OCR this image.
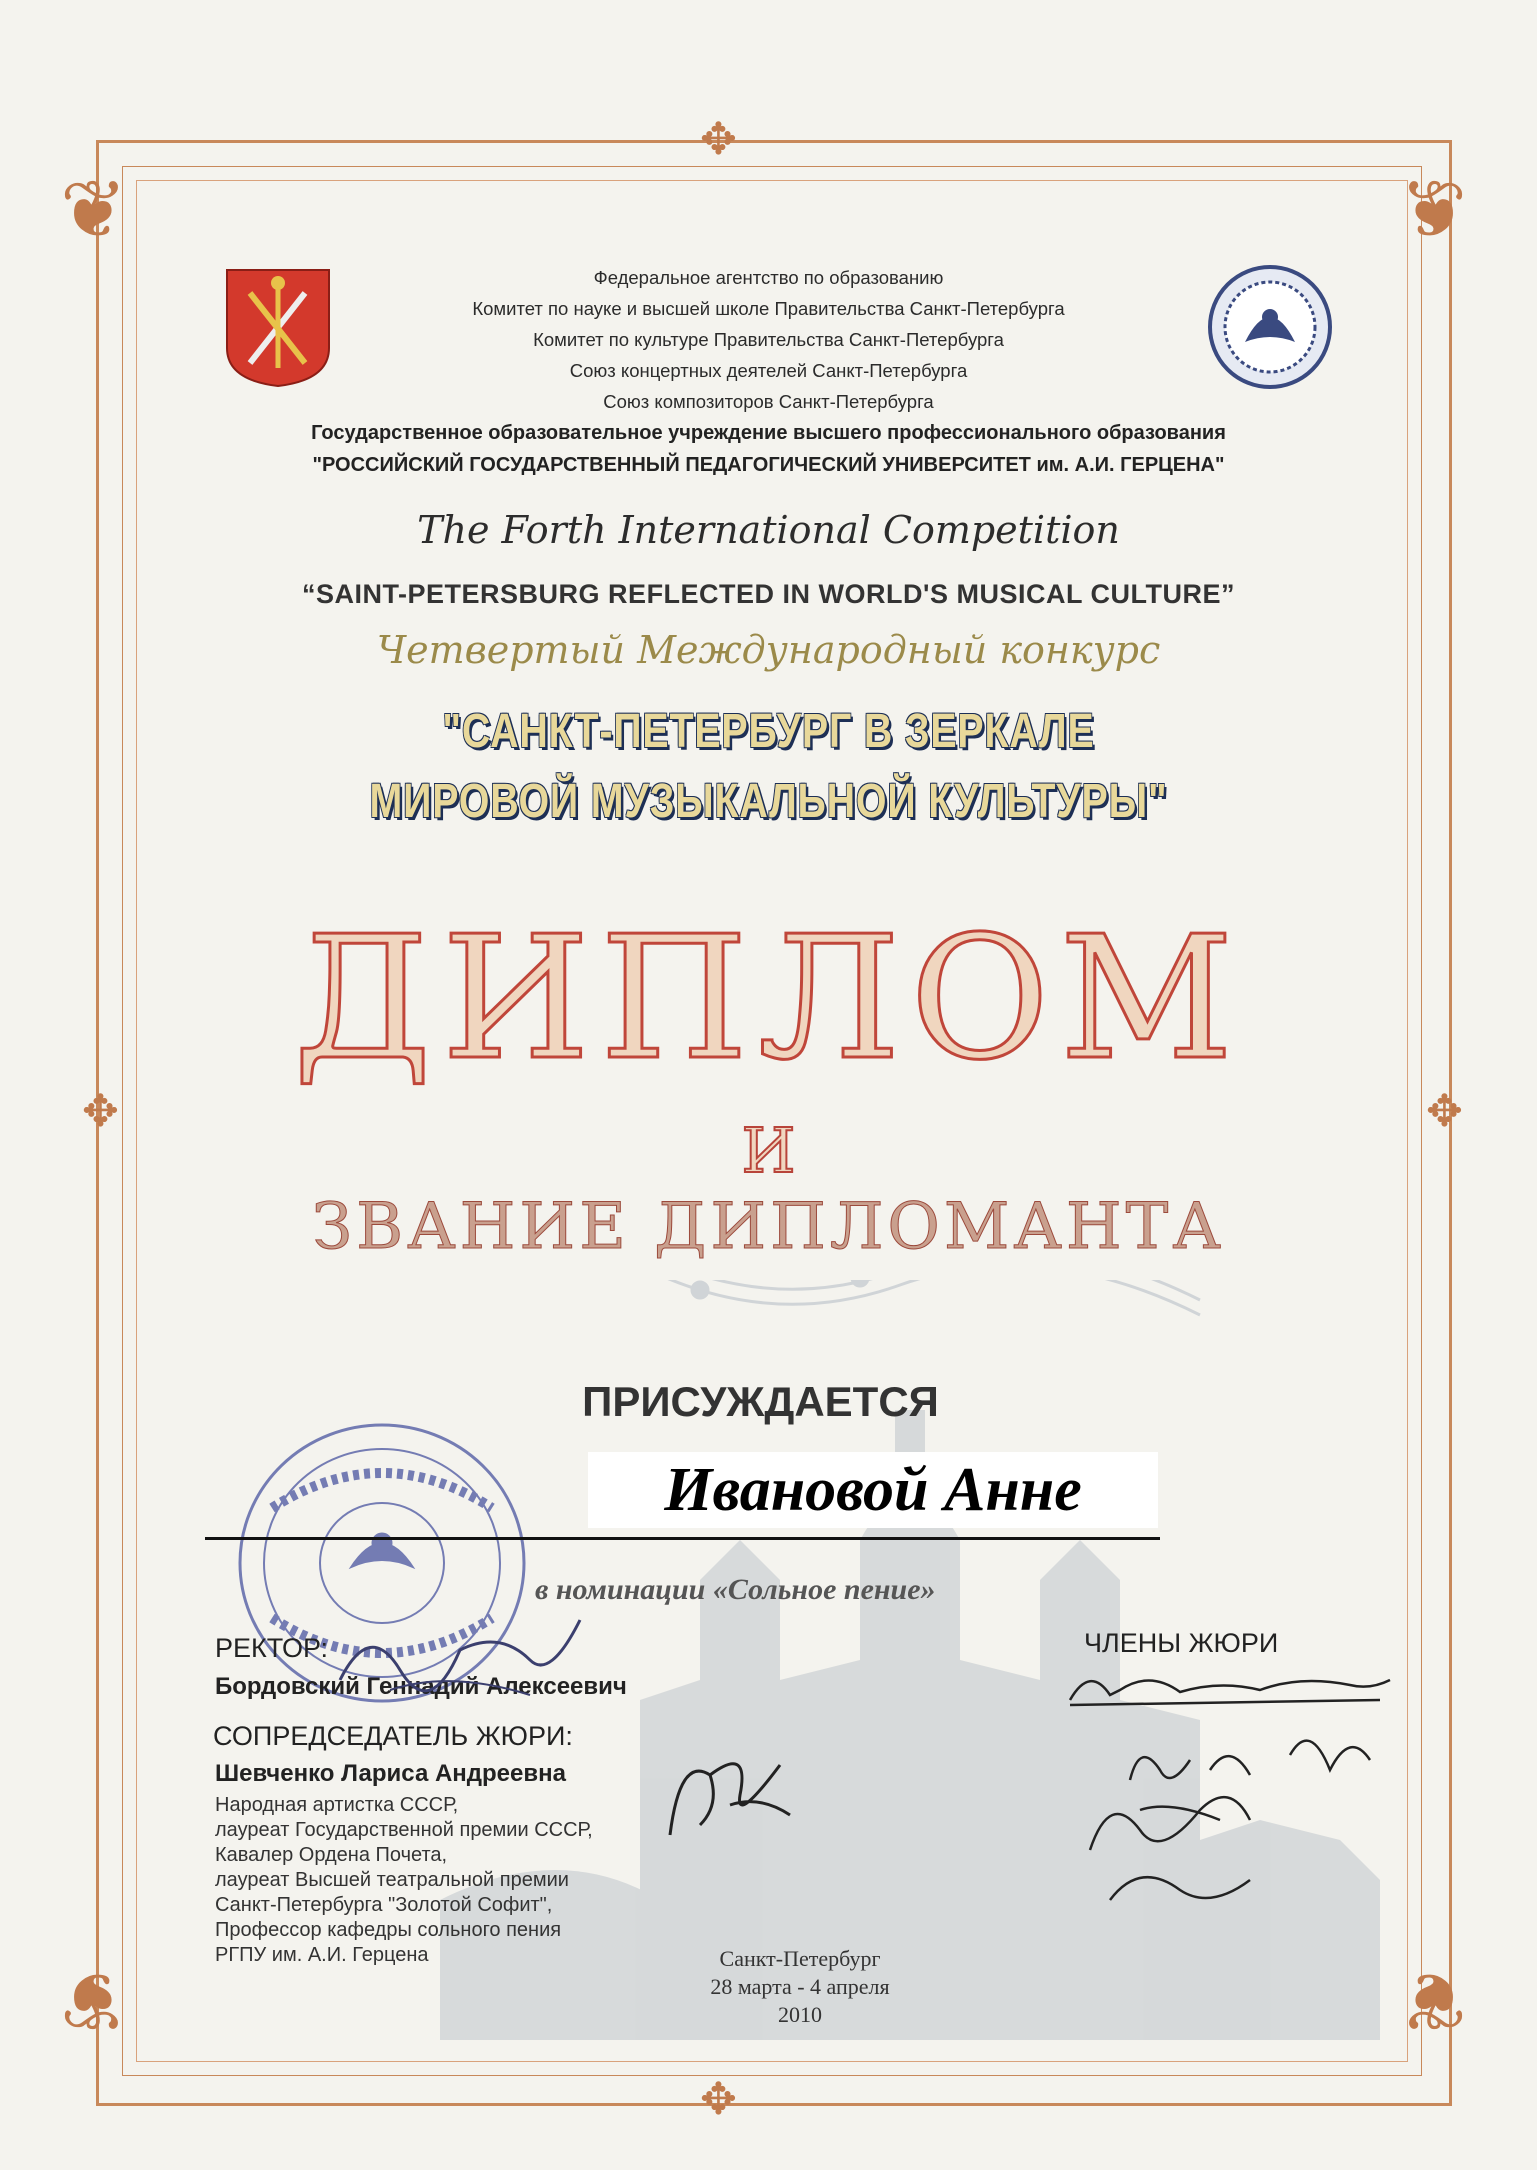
❦	❦
❦	❦
✥
✥
✥	✥
Федеральное агентство по образованию
Комитет по науке и высшей школе Правительства Санкт-Петербурга
Комитет по культуре Правительства Санкт-Петербурга
Союз концертных деятелей Санкт-Петербурга
Союз композиторов Санкт-Петербурга
Государственное образовательное учреждение высшего профессионального образования
"РОССИЙСКИЙ ГОСУДАРСТВЕННЫЙ ПЕДАГОГИЧЕСКИЙ УНИВЕРСИТЕТ им. А.И. ГЕРЦЕНА"
The Forth International Competition
“SAINT-PETERSBURG REFLECTED IN WORLD'S MUSICAL CULTURE”
Четвертый Международный конкурс
"САНКТ-ПЕТЕРБУРГ В ЗЕРКАЛЕ
МИРОВОЙ МУЗЫКАЛЬНОЙ КУЛЬТУРЫ"
ДИПЛОМ
И
ЗВАНИЕ ДИПЛОМАНТА
ПРИСУЖДАЕТСЯ
Ивановой Анне
в номинации «Сольное пение»
РЕКТОР:
Бордовский Геннадий Алексеевич
СОПРЕДСЕДАТЕЛЬ ЖЮРИ:
Шевченко Лариса Андреевна
Народная артистка СССР,
лауреат Государственной премии СССР,
Кавалер Ордена Почета,
лауреат Высшей театральной премии
Санкт-Петербурга "Золотой Софит",
Профессор кафедры сольного пения
РГПУ им. А.И. Герцена
ЧЛЕНЫ ЖЮРИ
Санкт-Петербург
28 марта - 4 апреля
2010
